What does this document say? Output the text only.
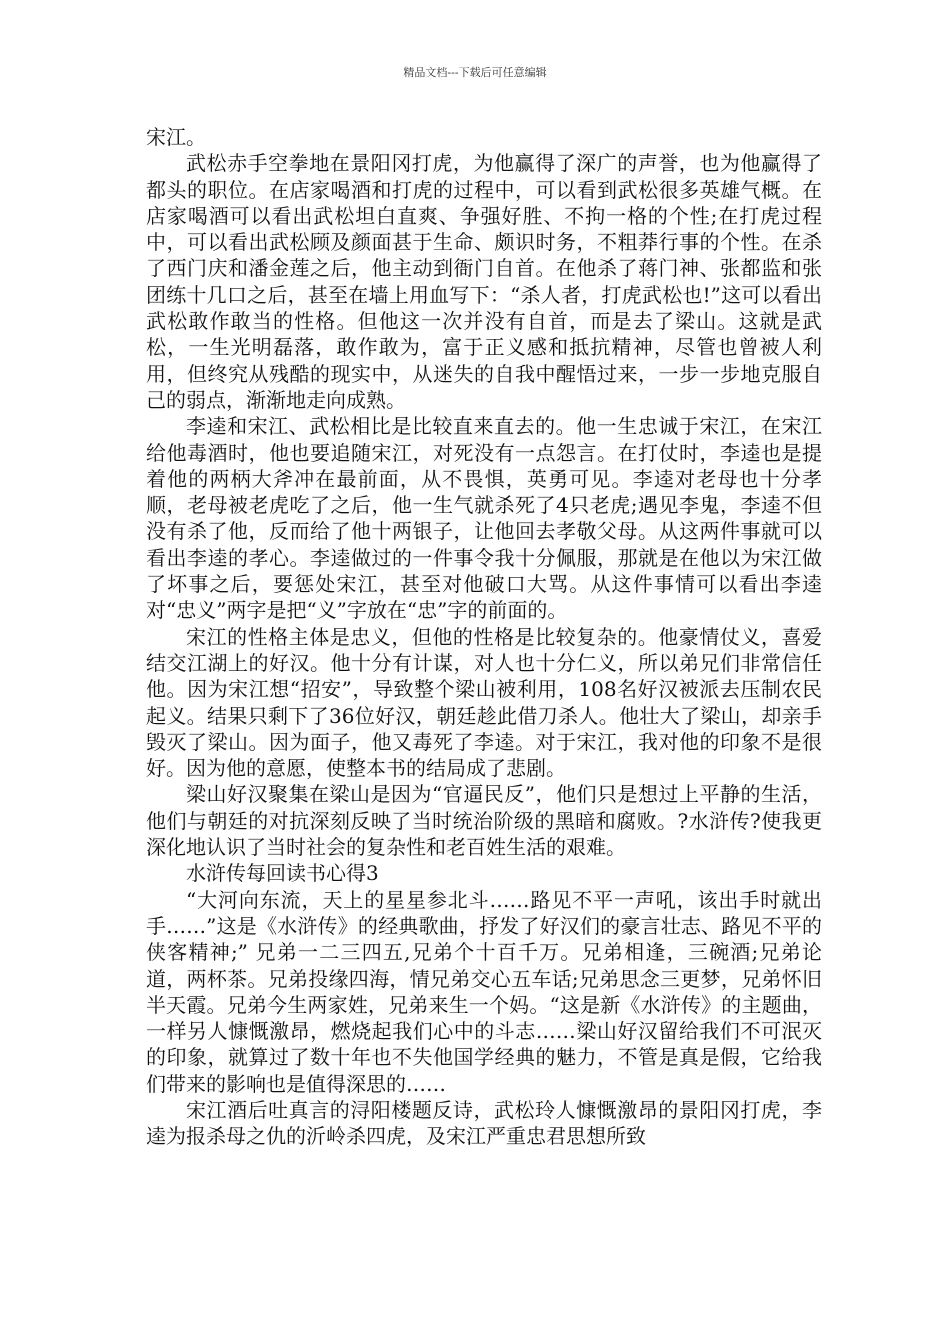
精品文档---下载后可任意编辑

宋江。

武松赤手空拳地在景阳冈打虎，为他赢得了深广的声誉，也为他赢得了都头的职位。在店家喝酒和打虎的过程中，可以看到武松很多英雄气概。在店家喝酒可以看出武松坦白直爽、争强好胜、不拘一格的个性;在打虎过程中，可以看出武松顾及颜面甚于生命、颇识时务，不粗莽行事的个性。在杀了西门庆和潘金莲之后，他主动到衙门自首。在他杀了蒋门神、张都监和张团练十几口之后，甚至在墙上用血写下：“杀人者，打虎武松也!”这可以看出武松敢作敢当的性格。但他这一次并没有自首，而是去了梁山。这就是武松，一生光明磊落，敢作敢为，富于正义感和抵抗精神，尽管也曾被人利用，但终究从残酷的现实中，从迷失的自我中醒悟过来，一步一步地克服自己的弱点，渐渐地走向成熟。

李逵和宋江、武松相比是比较直来直去的。他一生忠诚于宋江，在宋江给他毒酒时，他也要追随宋江，对死没有一点怨言。在打仗时，李逵也是提着他的两柄大斧冲在最前面，从不畏惧，英勇可见。李逵对老母也十分孝顺，老母被老虎吃了之后，他一生气就杀死了4只老虎;遇见李鬼，李逵不但没有杀了他，反而给了他十两银子，让他回去孝敬父母。从这两件事就可以看出李逵的孝心。李逵做过的一件事令我十分佩服，那就是在他以为宋江做了坏事之后，要惩处宋江，甚至对他破口大骂。从这件事情可以看出李逵对“忠义”两字是把“义”字放在“忠”字的前面的。

宋江的性格主体是忠义，但他的性格是比较复杂的。他豪情仗义，喜爱结交江湖上的好汉。他十分有计谋，对人也十分仁义，所以弟兄们非常信任他。因为宋江想“招安”，导致整个梁山被利用，108名好汉被派去压制农民起义。结果只剩下了36位好汉，朝廷趁此借刀杀人。他壮大了梁山，却亲手毁灭了梁山。因为面子，他又毒死了李逵。对于宋江，我对他的印象不是很好。因为他的意愿，使整本书的结局成了悲剧。

梁山好汉聚集在梁山是因为“官逼民反”，他们只是想过上平静的生活，他们与朝廷的对抗深刻反映了当时统治阶级的黑暗和腐败。?水浒传?使我更深化地认识了当时社会的复杂性和老百姓生活的艰难。

水浒传每回读书心得3

“大河向东流，天上的星星参北斗……路见不平一声吼，该出手时就出手……”这是《水浒传》的经典歌曲，抒发了好汉们的豪言壮志、路见不平的侠客精神;” 兄弟一二三四五,兄弟个十百千万。兄弟相逢，三碗酒;兄弟论道，两杯茶。兄弟投缘四海，情兄弟交心五车话;兄弟思念三更梦，兄弟怀旧半天霞。兄弟今生两家姓，兄弟来生一个妈。“这是新《水浒传》的主题曲，一样另人慷慨激昂，燃烧起我们心中的斗志……梁山好汉留给我们不可泯灭的印象，就算过了数十年也不失他国学经典的魅力，不管是真是假，它给我们带来的影响也是值得深思的……

宋江酒后吐真言的浔阳楼题反诗，武松玲人慷慨激昂的景阳冈打虎，李逵为报杀母之仇的沂岭杀四虎，及宋江严重忠君思想所致
